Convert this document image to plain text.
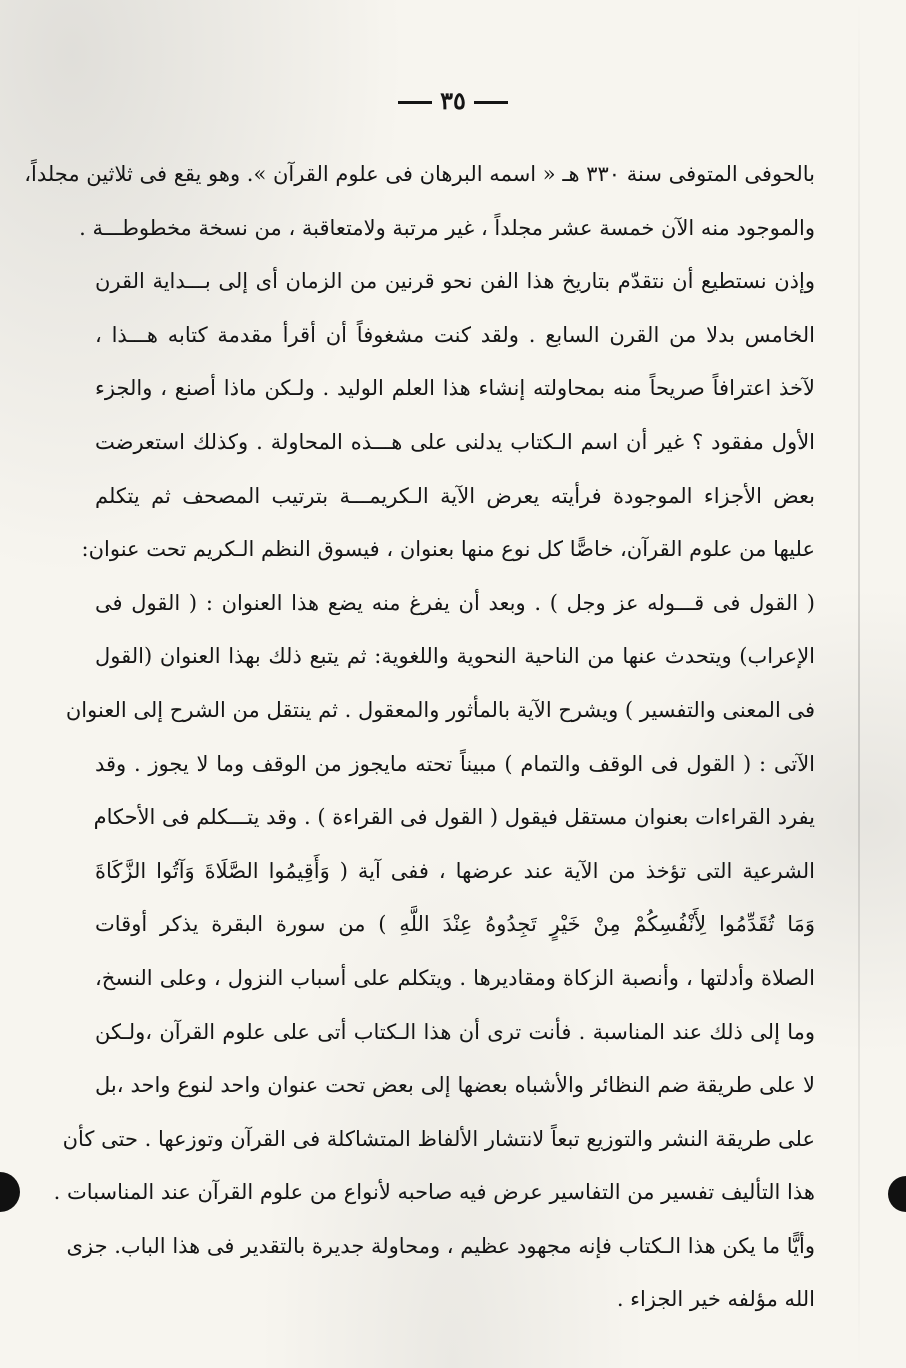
٣٥
بالحوفى المتوفى سنة ٣٣٠ هـ « اسمه البرهان فى علوم القرآن ». وهو يقع فى ثلاثين مجلداً،
والموجود منه الآن خمسة عشر مجلداً ، غير مرتبة ولامتعاقبة ، من نسخة مخطوطـــة .
وإذن نستطيع أن نتقدّم بتاريخ هذا الفن نحو قرنين من الزمان أى إلى بـــداية القرن
الخامس بدلا من القرن السابع . ولقد كنت مشغوفاً أن أقرأ مقدمة كتابه هـــذا ،
لآخذ اعترافاً صريحاً منه بمحاولته إنشاء هذا العلم الوليد . ولـكن ماذا أصنع ، والجزء
الأول مفقود ؟ غير أن اسم الـكتاب يدلنى على هـــذه المحاولة . وكذلك استعرضت
بعض الأجزاء الموجودة فرأيته يعرض الآية الـكريمـــة بترتيب المصحف ثم يتكلم
عليها من علوم القرآن، خاصًّا كل نوع منها بعنوان ، فيسوق النظم الـكريم تحت عنوان:
( القول فى قـــوله عز وجل ) . وبعد أن يفرغ منه يضع هذا العنوان : ( القول فى
الإعراب) ويتحدث عنها من الناحية النحوية واللغوية: ثم يتبع ذلك بهذا العنوان (القول
فى المعنى والتفسير ) ويشرح الآية بالمأثور والمعقول . ثم ينتقل من الشرح إلى العنوان
الآتى : ( القول فى الوقف والتمام ) مبيناً تحته مايجوز من الوقف وما لا يجوز . وقد
يفرد القراءات بعنوان مستقل فيقول ( القول فى القراءة ) . وقد يتـــكلم فى الأحكام
الشرعية التى تؤخذ من الآية عند عرضها ، ففى آية ( وَأَقِيمُوا الصَّلَاةَ وَآتُوا الزَّكَاةَ
وَمَا تُقَدِّمُوا لِأَنْفُسِكُمْ مِنْ خَيْرٍ تَجِدُوهُ عِنْدَ اللَّهِ ) من سورة البقرة يذكر أوقات
الصلاة وأدلتها ، وأنصبة الزكاة ومقاديرها . ويتكلم على أسباب النزول ، وعلى النسخ،
وما إلى ذلك عند المناسبة . فأنت ترى أن هذا الـكتاب أتى على علوم القرآن ،ولـكن
لا على طريقة ضم النظائر والأشباه بعضها إلى بعض تحت عنوان واحد لنوع واحد ،بل
على طريقة النشر والتوزيع تبعاً لانتشار الألفاظ المتشاكلة فى القرآن وتوزعها . حتى كأن
هذا التأليف تفسير من التفاسير عرض فيه صاحبه لأنواع من علوم القرآن عند المناسبات .
وأيًّا ما يكن هذا الـكتاب فإنه مجهود عظيم ، ومحاولة جديرة بالتقدير فى هذا الباب. جزى
الله مؤلفه خير الجزاء .
